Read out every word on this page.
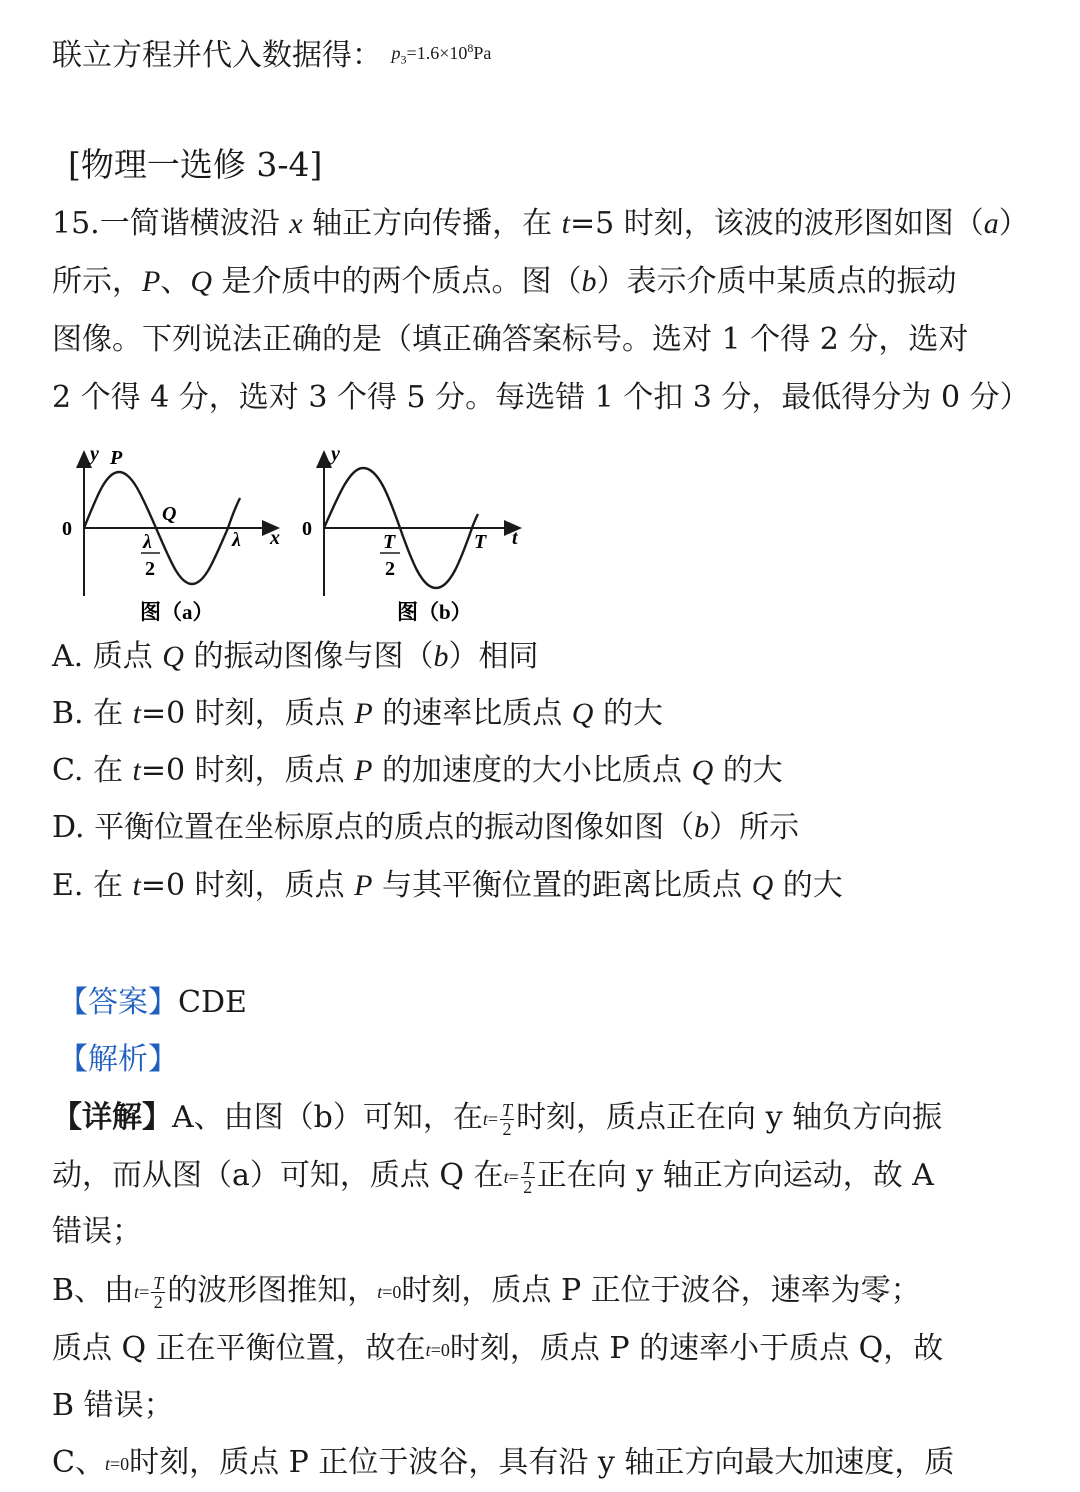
联立方程并代入数据得： $^{p_3=1.6\times 10^8Pa}$
[物理一选修 3-4]
15.一简谐横波沿 x 轴正方向传播，在 t=5 时刻，该波的波形图如图（a）
所示，P、Q 是介质中的两个质点。图（b）表示介质中某质点的振动
图像。下列说法正确的是（填正确答案标号。选对 1 个得 2 分，选对
2 个得 4 分，选对 3 个得 5 分。每选错 1 个扣 3 分，最低得分为 0 分）
y P
Q
0	x
λ
2
λ
图（a）
y
0	t
T
2
T
图（b）
A. 质点 Q 的振动图像与图（b）相同
B. 在 t=0 时刻，质点 P 的速率比质点 Q 的大
C. 在 t=0 时刻，质点 P 的加速度的大小比质点 Q 的大
D. 平衡位置在坐标原点的质点的振动图像如图（b）所示
E. 在 t=0 时刻，质点 P 与其平衡位置的距离比质点 Q 的大
【答案】CDE
【解析】
【详解】A、由图（b）可知，在$t= \frac{T}{2}$ 时刻，质点正在向 y 轴负方向振
动，而从图（a）可知，质点 Q 在$t= \frac{T}{2}$ 正在向 y 轴正方向运动，故 A
错误；
B、由$t= \frac{T}{2}$ 的波形图推知，t=0时刻，质点 P 正位于波谷，速率为零；
质点 Q 正在平衡位置，故在t=0时刻，质点 P 的速率小于质点 Q，故
B 错误；
C、t=0时刻，质点 P 正位于波谷，具有沿 y 轴正方向最大加速度，质
